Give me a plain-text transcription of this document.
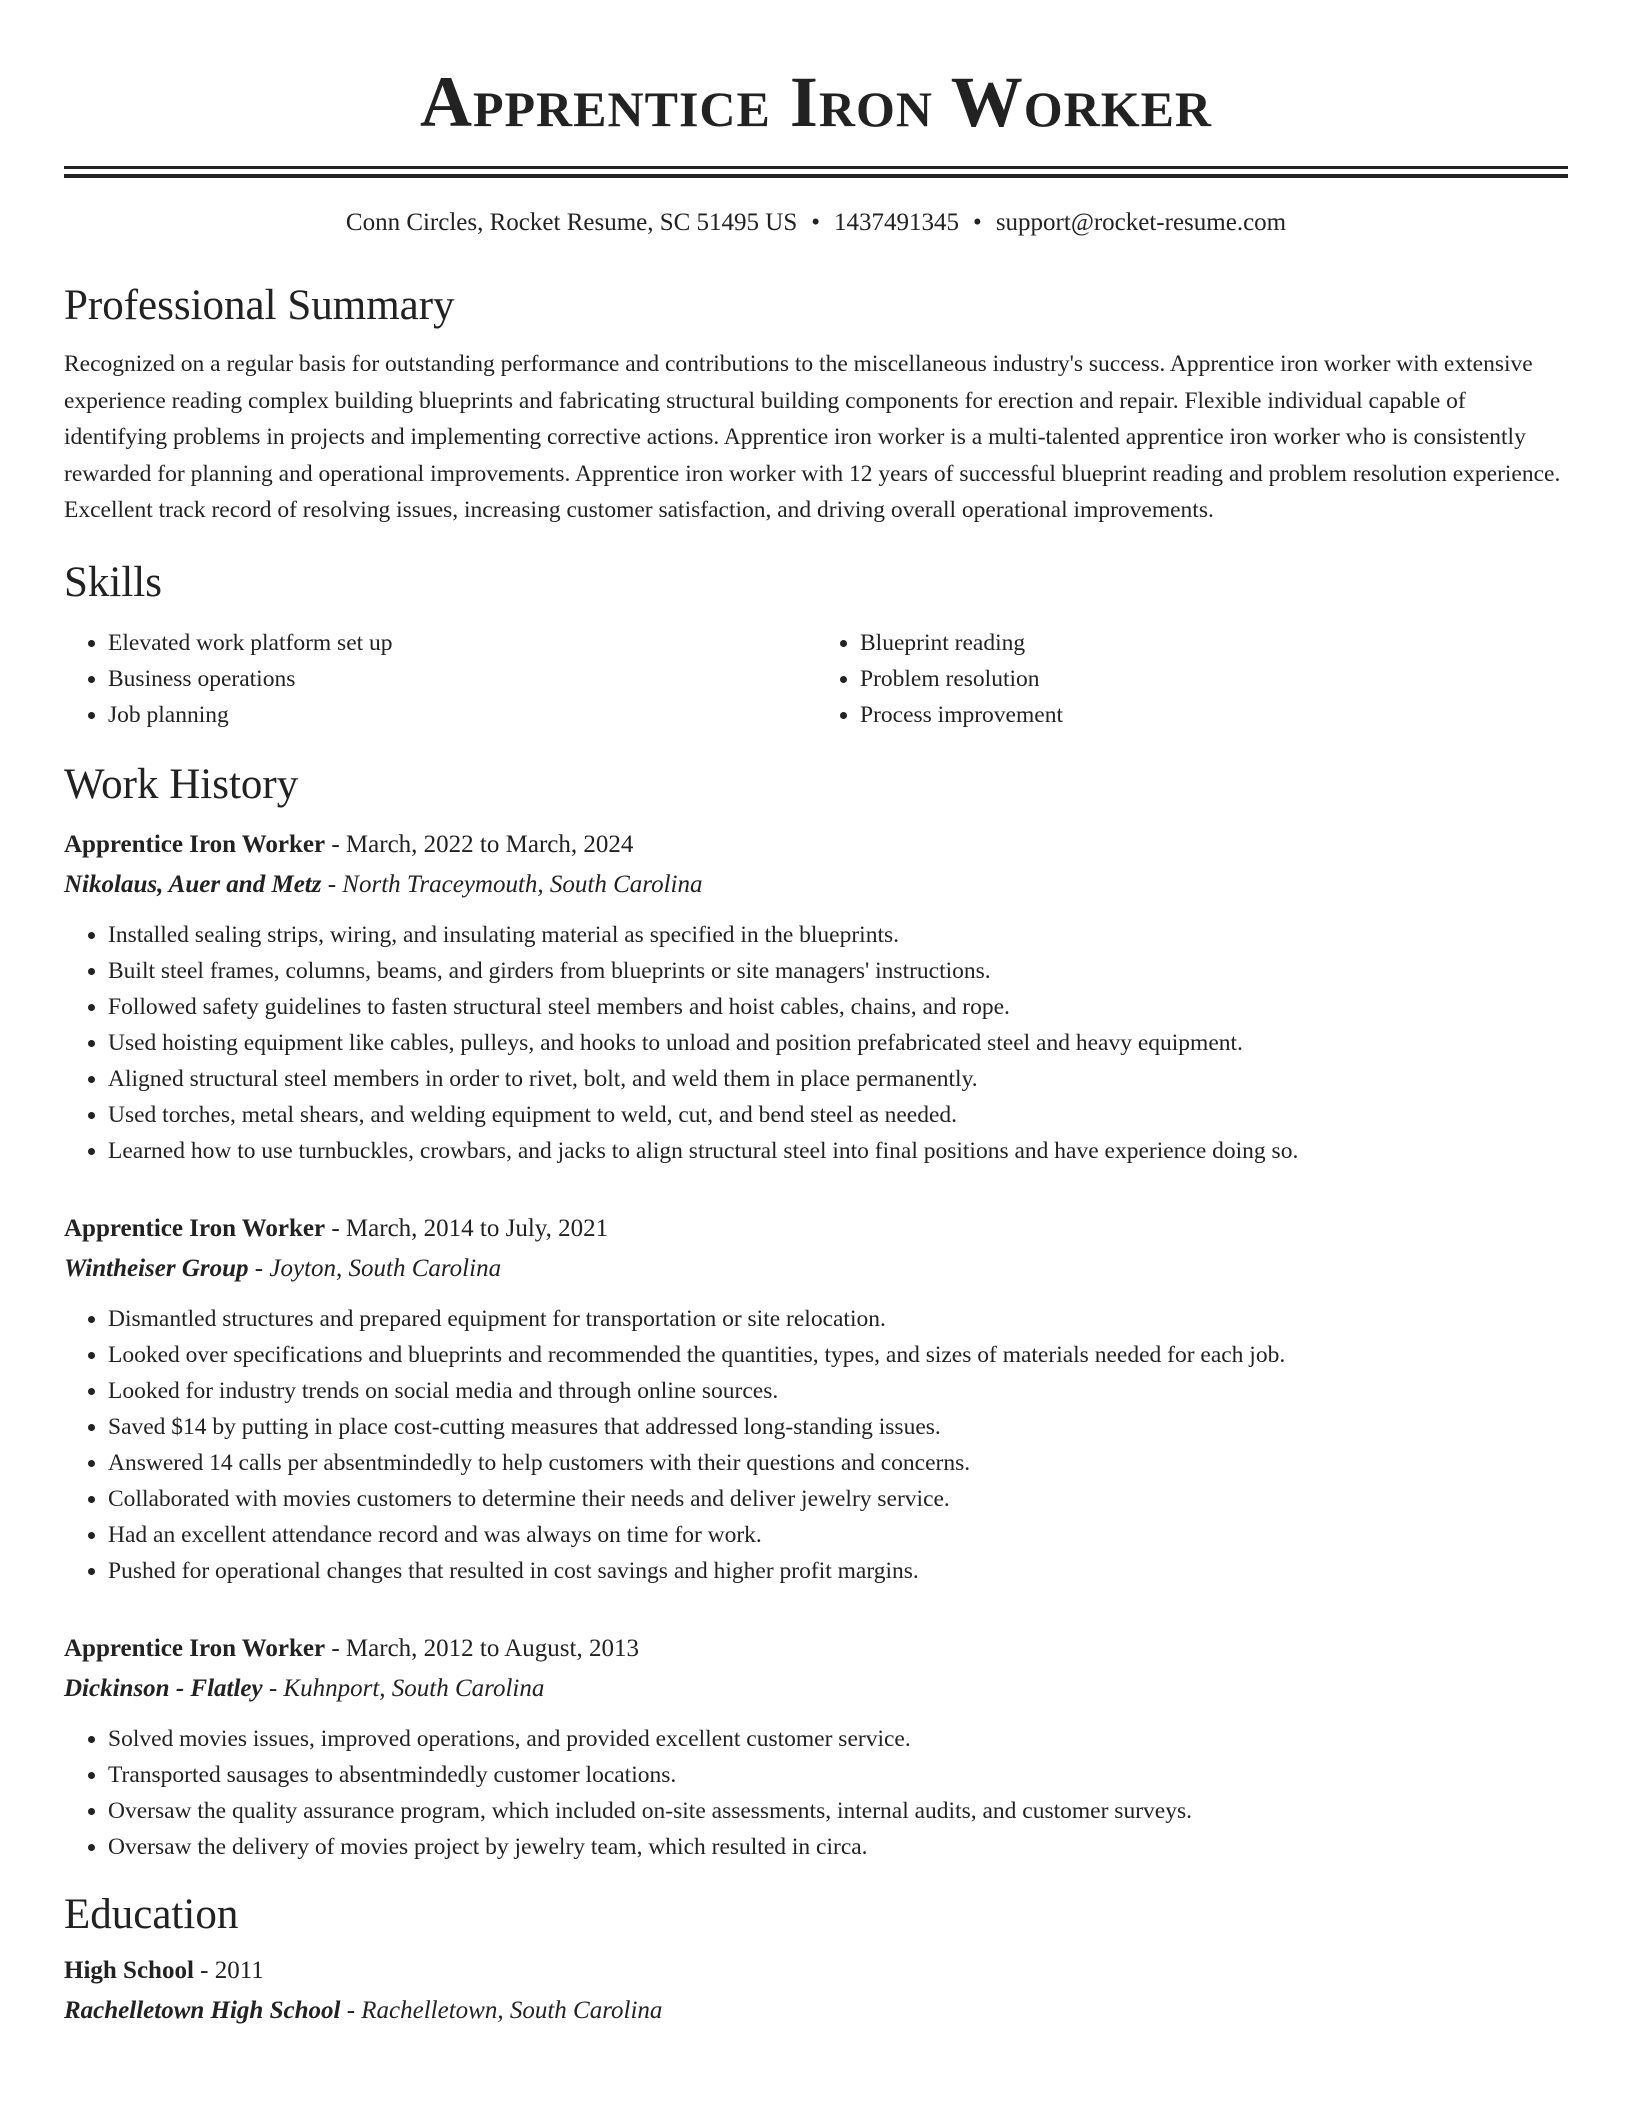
Apprentice Iron Worker
Conn Circles, Rocket Resume, SC 51495 US • 1437491345 • support@rocket-resume.com
Professional Summary
Recognized on a regular basis for outstanding performance and contributions to the miscellaneous industry's success. Apprentice iron worker with extensive experience reading complex building blueprints and fabricating structural building components for erection and repair. Flexible individual capable of identifying problems in projects and implementing corrective actions. Apprentice iron worker is a multi-talented apprentice iron worker who is consistently rewarded for planning and operational improvements. Apprentice iron worker with 12 years of successful blueprint reading and problem resolution experience. Excellent track record of resolving issues, increasing customer satisfaction, and driving overall operational improvements.
Skills
• Elevated work platform set up
• Business operations
• Job planning
• Blueprint reading
• Problem resolution
• Process improvement
Work History
Apprentice Iron Worker - March, 2022 to March, 2024
Nikolaus, Auer and Metz - North Traceymouth, South Carolina
• Installed sealing strips, wiring, and insulating material as specified in the blueprints.
• Built steel frames, columns, beams, and girders from blueprints or site managers' instructions.
• Followed safety guidelines to fasten structural steel members and hoist cables, chains, and rope.
• Used hoisting equipment like cables, pulleys, and hooks to unload and position prefabricated steel and heavy equipment.
• Aligned structural steel members in order to rivet, bolt, and weld them in place permanently.
• Used torches, metal shears, and welding equipment to weld, cut, and bend steel as needed.
• Learned how to use turnbuckles, crowbars, and jacks to align structural steel into final positions and have experience doing so.
Apprentice Iron Worker - March, 2014 to July, 2021
Wintheiser Group - Joyton, South Carolina
• Dismantled structures and prepared equipment for transportation or site relocation.
• Looked over specifications and blueprints and recommended the quantities, types, and sizes of materials needed for each job.
• Looked for industry trends on social media and through online sources.
• Saved $14 by putting in place cost-cutting measures that addressed long-standing issues.
• Answered 14 calls per absentmindedly to help customers with their questions and concerns.
• Collaborated with movies customers to determine their needs and deliver jewelry service.
• Had an excellent attendance record and was always on time for work.
• Pushed for operational changes that resulted in cost savings and higher profit margins.
Apprentice Iron Worker - March, 2012 to August, 2013
Dickinson - Flatley - Kuhnport, South Carolina
• Solved movies issues, improved operations, and provided excellent customer service.
• Transported sausages to absentmindedly customer locations.
• Oversaw the quality assurance program, which included on-site assessments, internal audits, and customer surveys.
• Oversaw the delivery of movies project by jewelry team, which resulted in circa.
Education
High School - 2011
Rachelletown High School - Rachelletown, South Carolina
